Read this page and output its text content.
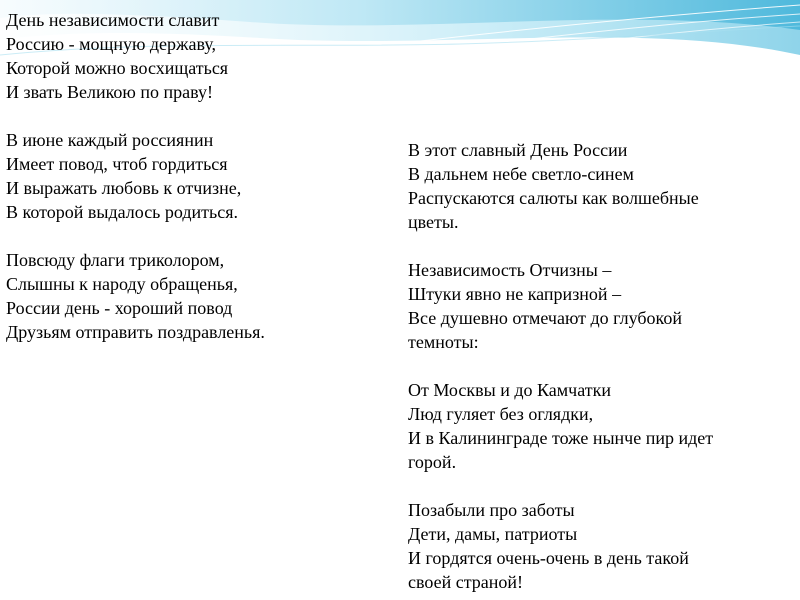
День независимости славит
Россию - мощную державу,
Которой можно восхищаться
И звать Великою по праву!
В июне каждый россиянин
Имеет повод, чтоб гордиться
И выражать любовь к отчизне,
В которой выдалось родиться.
Повсюду флаги триколором,
Слышны к народу обращенья,
России день - хороший повод
Друзьям отправить поздравленья.
В этот славный День России
В дальнем небе светло-синем
Распускаются салюты как волшебные
цветы.
Независимость Отчизны –
Штуки явно не капризной –
Все душевно отмечают до глубокой
темноты:
От Москвы и до Камчатки
Люд гуляет без оглядки,
И в Калининграде тоже нынче пир идет
горой.
Позабыли про заботы
Дети, дамы, патриоты
И гордятся очень-очень в день такой
своей страной!
